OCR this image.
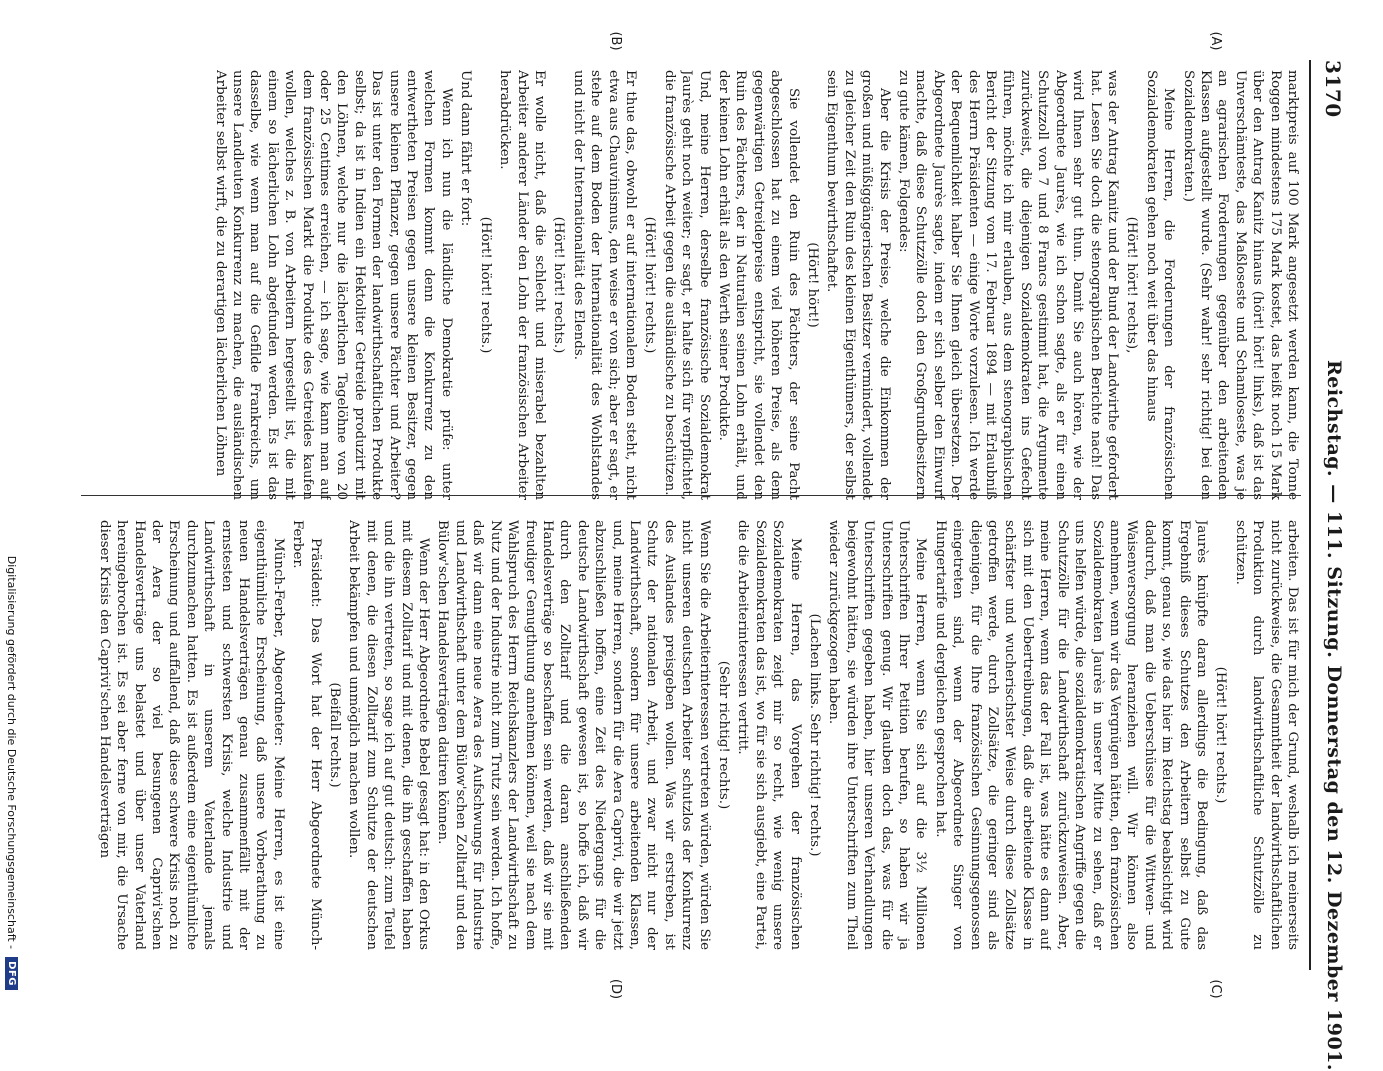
3170
Reichstag. — 111. Sitzung. Donnerstag den 12. Dezember 1901.
(A)
(B)
(C)
(D)

marktpreis auf 100 Mark angesetzt werden kann, die Tonne Roggen mindestens 175 Mark kostet, das heißt noch 15 Mark über den Antrag Kanitz hinaus (hört! hört! links), daß ist das Unverschämteste, das Maßloseste und Schamloseste, was je an agrarischen Forderungen gegenüber den arbeitenden Klassen aufgestellt wurde. (Sehr wahr! sehr richtig! bei den Sozialdemokraten.)

Meine Herren, die Forderungen der französischen Sozialdemokraten gehen noch weit über das hinaus

(Hört! hört! rechts),

was der Antrag Kanitz und der Bund der Landwirthe gefordert hat. Lesen Sie doch die stenographischen Berichte nach! Das wird Ihnen sehr gut thun. Damit Sie auch hören, wie der Abgeordnete Jaurès, wie ich schon sagte, als er für einen Schutzzoll von 7 und 8 Francs gestimmt hat, die Argumente zurückweist, die diejenigen Sozialdemokraten ins Gefecht führen, möchte ich mir erlauben, aus dem stenographischen Bericht der Sitzung vom 17. Februar 1894 — mit Erlaubniß des Herrn Präsidenten — einige Worte vorzulesen. Ich werde der Bequemlichkeit halber Sie Ihnen gleich übersetzen. Der Abgeordnete Jaurès sagte, indem er sich selber den Einwurf machte, daß diese Schutzzölle doch den Großgrundbesitzern zu gute kämen, Folgendes:

Aber die Krisis der Preise, welche die Einkommen der großen und müßiggängerischen Besitzer vermindert, vollendet zu gleicher Zeit den Ruin des kleinen Eigenthümers, der selbst sein Eigenthum bewirthschaftet.

(Hört! hört!)

Sie vollendet den Ruin des Pächters, der seine Pacht abgeschlossen hat zu einem viel höheren Preise, als dem gegenwärtigen Getreidepreise entspricht, sie vollendet den Ruin des Pächters, der in Naturalien seinen Lohn erhält, und der keinen Lohn erhält als den Werth seiner Produkte.

Und, meine Herren, derselbe französische Sozialdemokrat Jaurès geht noch weiter; er sagt, er halte sich für verpflichtet, die französische Arbeit gegen die ausländische zu beschützen.

(Hört! hört! rechts.)

Er thue das, obwohl er auf internationalem Boden steht, nicht etwa aus Chauvinismus, den weise er von sich; aber er sagt, er stehe auf dem Boden der Internationalität des Wohlstandes und nicht der Internationalität des Elends.

(Hört! hört! rechts.)

Er wolle nicht, daß die schlecht und miserabel bezahlten Arbeiter anderer Länder den Lohn der französischen Arbeiter herabdrücken.

(Hört! hört! rechts.)

Und dann fährt er fort:

Wenn ich nun die ländliche Demokratie prüfe: unter welchen Formen kommt denn die Konkurrenz zu den entwertheten Preisen gegen unsere kleinen Besitzer, gegen unsere kleinen Pflanzer, gegen unsere Pächter und Arbeiter? Das ist unter den Formen der landwirthschaftlichen Produkte selbst; da ist in Indien ein Hektoliter Getreide produzirt mit den Löhnen, welche nur die lächerlichen Tagelöhne von 20 oder 25 Centimes erreichen, — ich sage, wie kann man auf dem französischen Markt die Produkte des Getreides kaufen wollen, welches z. B. von Arbeitern hergestellt ist, die mit einem so lächerlichen Lohn abgefunden werden. Es ist das dasselbe, wie wenn man auf die Gefilde Frankreichs, um unsere Landleuten Konkurrenz zu machen, die ausländischen Arbeiter selbst wirft, die zu derartigen lächerlichen Löhnen

arbeiten. Das ist für mich der Grund, weshalb ich meinerseits nicht zurückweise, die Gesammtheit der landwirthschaftlichen Produktion durch landwirthschaftliche Schutzzölle zu schützen.

(Hört! hört! rechts.)

Jaurès knüpfte daran allerdings die Bedingung, daß das Ergebniß dieses Schutzes den Arbeitern selbst zu Gute kommt, genau so, wie das hier im Reichstag beabsichtigt wird dadurch, daß man die Ueberschüsse für die Wittwen- und Waisenversorgung heranziehen will. Wir können also annehmen, wenn wir das Vergnügen hätten, den französischen Sozialdemokraten Jaurès in unserer Mitte zu sehen, daß er uns helfen würde, die sozialdemokratischen Angriffe gegen die Schutzzölle für die Landwirthschaft zurückzuweisen. Aber, meine Herren, wenn das der Fall ist, was hätte es dann auf sich mit den Uebertreibungen, daß die arbeitende Klasse in schärfster und wucherischster Weise durch diese Zollsätze getroffen werde, durch Zollsätze, die geringer sind als diejenigen, für die Ihre französischen Gesinnungsgenossen eingetreten sind, wenn der Abgeordnete Singer von Hungertarife und dergleichen gesprochen hat.

Meine Herren, wenn Sie sich auf die 3½ Millionen Unterschriften Ihrer Petition berufen, so haben wir ja Unterschriften genug. Wir glauben doch das, was für die Unterschriften gegeben haben, hier unseren Verhandlungen beigewohnt hätten, sie würden ihre Unterschriften zum Theil wieder zurückgezogen haben.

(Lachen links. Sehr richtig! rechts.)

Meine Herren, das Vorgehen der französischen Sozialdemokraten zeigt mir so recht, wie wenig unsere Sozialdemokraten das ist, wo für sie sich ausgiebt, eine Partei, die die Arbeiterinteressen vertritt.

(Sehr richtig! rechts.)

Wenn Sie die Arbeiterinteressen vertreten würden, würden Sie nicht unseren deutschen Arbeiter schutzlos der Konkurrenz des Auslandes preisgeben wollen. Was wir erstreben, ist Schutz der nationalen Arbeit, und zwar nicht nur der Landwirthschaft, sondern für unsere arbeitenden Klassen, und, meine Herren, sondern für die Aera Caprivi, die wir jetzt abzuschließen hoffen, eine Zeit des Niedergangs für die deutsche Landwirthschaft gewesen ist, so hoffe ich, daß wir durch den Zolltarif und die daran anschließenden Handelsverträge so beschaffen sein werden, daß wir sie mit freudiger Genugthuung annehmen können, weil sie nach dem Wahlspruch des Herrn Reichskanzlers der Landwirthschaft zu Nutz und der Industrie nicht zum Trutz sein werden. Ich hoffe, daß wir dann eine neue Aera des Aufschwungs für Industrie und Landwirthschaft unter dem Bülow'schen Zolltarif und den Bülow'schen Handelsverträgen datiren können.

Wenn der Herr Abgeordnete Bebel gesagt hat: in den Orkus mit diesem Zolltarif und mit denen, die ihn geschaffen haben und die ihn vertreten, so sage ich auf gut deutsch: zum Teufel mit denen, die diesen Zolltarif zum Schutze der deutschen Arbeit bekämpfen und unmöglich machen wollen.

(Beifall rechts.)

Präsident: Das Wort hat der Herr Abgeordnete Münch-Ferber.

Münch-Ferber, Abgeordneter: Meine Herren, es ist eine eigenthümliche Erscheinung, daß unsere Vorberathung zu neuen Handelsverträgen genau zusammenfällt mit der ernstesten und schwersten Krisis, welche Industrie und Landwirthschaft in unserem Vaterlande jemals durchzumachen hatten. Es ist außerdem eine eigenthümliche Erscheinung und auffallend, daß diese schwere Krisis noch zu der Aera der so viel besungenen Caprivi'schen Handelsverträge uns belastet und über unser Vaterland hereingebrochen ist. Es sei aber ferne von mir, die Ursache dieser Krisis den Caprivi'schen Handelsverträgen

Digitalisierung gefördert durch die Deutsche Forschungsgemeinschaft -
DFG
